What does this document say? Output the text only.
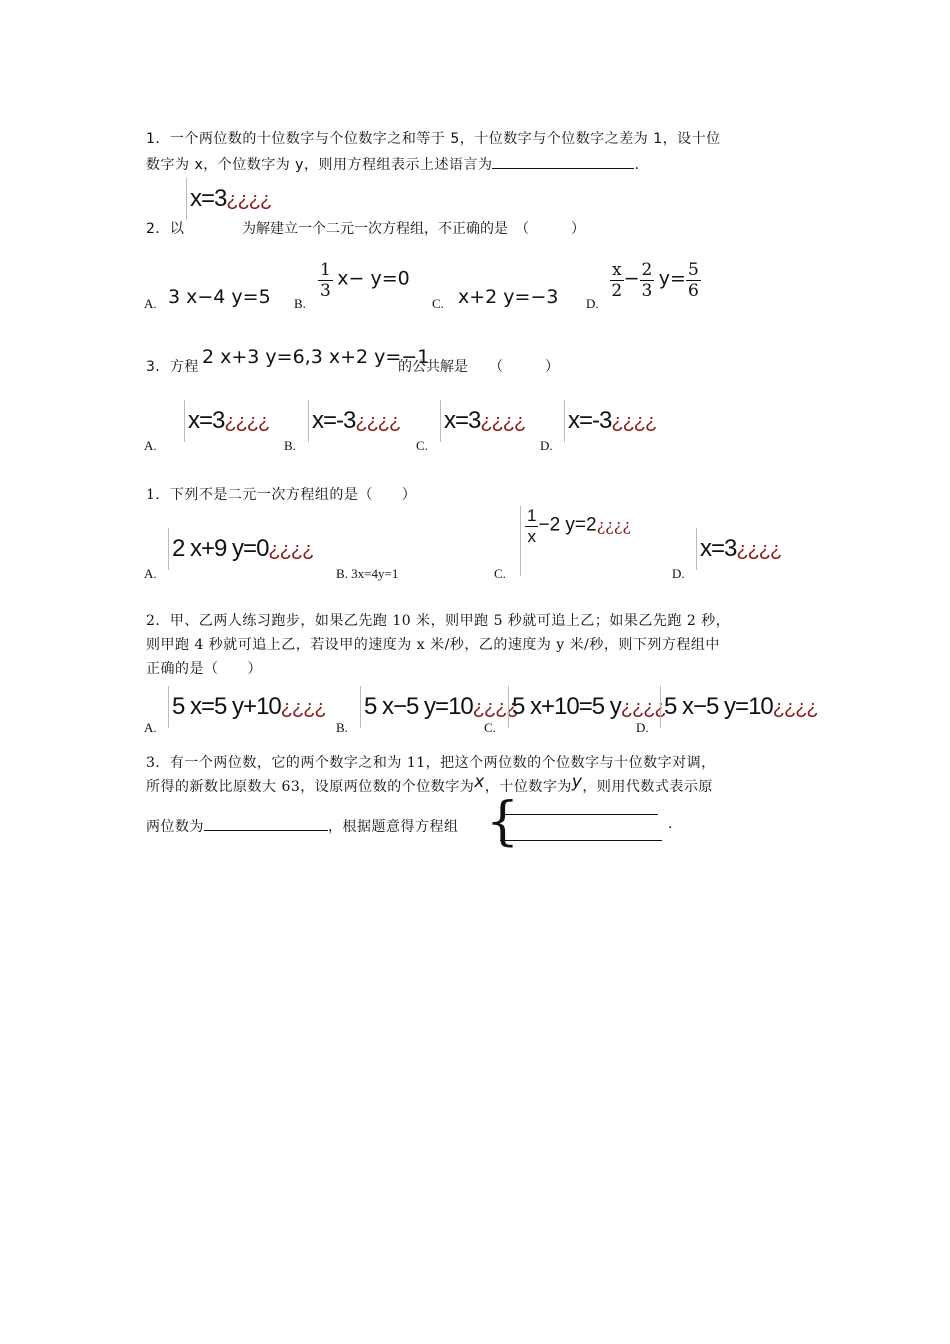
1．一个两位数的十位数字与个位数字之和等于 5，十位数字与个位数字之差为 1，设十位
数字为 x，个位数字为 y，则用方程组表示上述语言为	.
2．以
x=3¿¿¿¿
为解建立一个二元一次方程组，不正确的是　（　　　）
A. 3 x−4 y=5 B.
$\frac{1}{3} x- y=0$
C. x+2 y=−3 D.
$\frac{x}{2} - \frac{2}{3} y= \frac{5}{6}$
3．方程 2 x+3 y=6,3 x+2 y=−1
的公共解是　　（　　　）
A.
x=3¿¿¿¿
B.
x=-3¿¿¿¿
C.
x=3¿¿¿¿
D.
x=-3¿¿¿¿
1．下列不是二元一次方程组的是（　　）
A.
2 x+9 y=0¿¿¿¿
B. 3x=4y=1	C.
$\frac{1}{x} -2$ y=2¿¿¿¿
D.
x=3¿¿¿¿
2．甲、乙两人练习跑步，如果乙先跑 10 米，则甲跑 5 秒就可追上乙；如果乙先跑 2 秒，
则甲跑 4 秒就可追上乙，若设甲的速度为 x 米/秒，乙的速度为 y 米/秒，则下列方程组中
正确的是（　　）
A.
5 x=5 y+10¿¿¿¿
B.
5 x−5 y=10¿¿¿¿
C.
5 x+10=5 y¿¿¿¿
D.
5 x−5 y=10¿¿¿¿
3．有一个两位数，它的两个数字之和为 11，把这个两位数的个位数字与十位数字对调，
所得的新数比原数大 63，设原两位数的个位数字为x，十位数字为y，则用代数式表示原
两位数为	，根据题意得方程组 {	.
